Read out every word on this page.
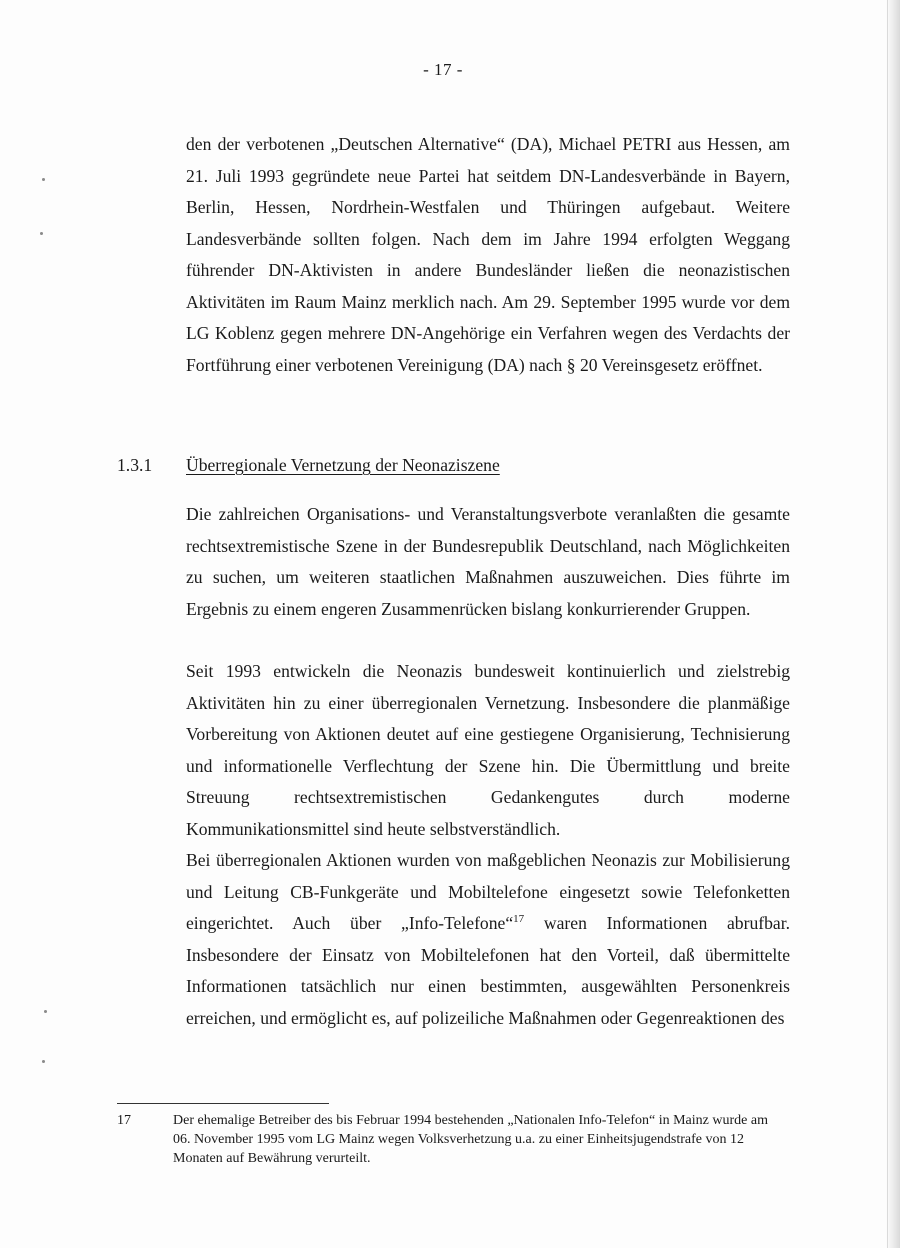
- 17 -

den der verbotenen „Deutschen Alternative“ (DA), Michael PETRI aus Hessen, am 21. Juli 1993 gegründete neue Partei hat seitdem DN-Landesverbände in Bayern, Berlin, Hessen, Nordrhein-Westfalen und Thüringen aufgebaut. Weitere Landesverbände sollten folgen. Nach dem im Jahre 1994 erfolgten Weggang führender DN-Aktivisten in andere Bundesländer ließen die neonazistischen Aktivitäten im Raum Mainz merklich nach. Am 29. September 1995 wurde vor dem LG Koblenz gegen mehrere DN-Angehörige ein Verfahren wegen des Verdachts der Fortführung einer verbotenen Vereinigung (DA) nach § 20 Vereinsgesetz eröffnet.

1.3.1 Überregionale Vernetzung der Neonaziszene

Die zahlreichen Organisations- und Veranstaltungsverbote veranlaßten die gesamte rechtsextremistische Szene in der Bundesrepublik Deutschland, nach Möglichkeiten zu suchen, um weiteren staatlichen Maßnahmen auszuweichen. Dies führte im Ergebnis zu einem engeren Zusammenrücken bislang konkurrierender Gruppen.

Seit 1993 entwickeln die Neonazis bundesweit kontinuierlich und zielstrebig Aktivitäten hin zu einer überregionalen Vernetzung. Insbesondere die planmäßige Vorbereitung von Aktionen deutet auf eine gestiegene Organisierung, Technisierung und informationelle Verflechtung der Szene hin. Die Übermittlung und breite Streuung rechtsextremistischen Gedankengutes durch moderne Kommunikationsmittel sind heute selbstverständlich.

Bei überregionalen Aktionen wurden von maßgeblichen Neonazis zur Mobilisierung und Leitung CB-Funkgeräte und Mobiltelefone eingesetzt sowie Telefonketten eingerichtet. Auch über „Info-Telefone“$^{17}$ waren Informationen abrufbar. Insbesondere der Einsatz von Mobiltelefonen hat den Vorteil, daß übermittelte Informationen tatsächlich nur einen bestimmten, ausgewählten Personenkreis erreichen, und ermöglicht es, auf polizeiliche Maßnahmen oder Gegenreaktionen des

17	Der ehemalige Betreiber des bis Februar 1994 bestehenden „Nationalen Info-Telefon“ in Mainz wurde am 06. November 1995 vom LG Mainz wegen Volksverhetzung u.a. zu einer Einheitsjugendstrafe von 12 Monaten auf Bewährung verurteilt.
